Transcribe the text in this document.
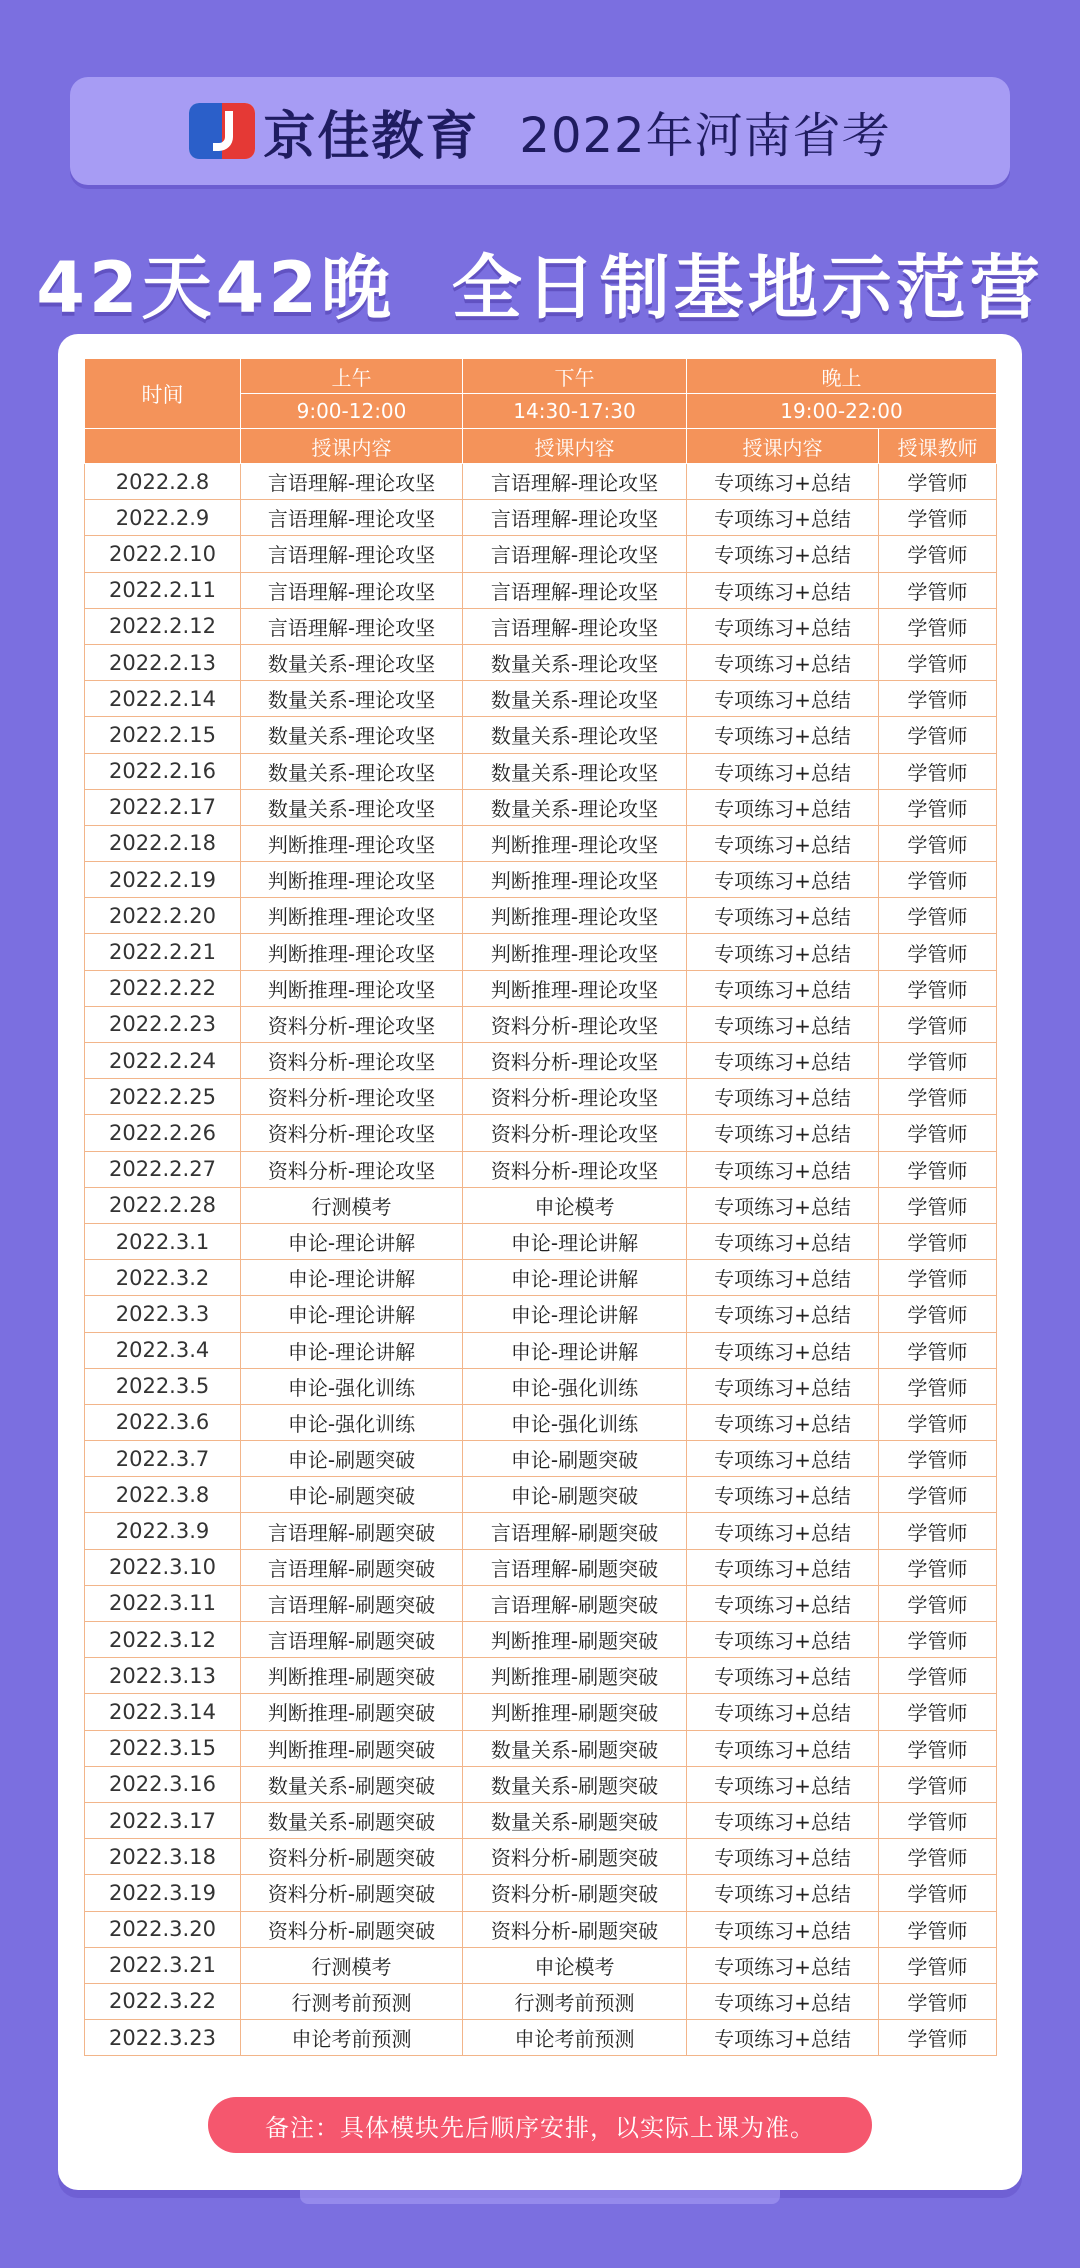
京佳教育 2022年河南省考
42天42晚  全日制基地示范营
时间	上午	下午	晚上	
	9:00-12:00	14:30-17:30	19:00-22:00	
	授课内容	授课内容	授课内容	授课教师
2022.2.8	言语理解-理论攻坚	言语理解-理论攻坚	专项练习+总结	学管师
2022.2.9	言语理解-理论攻坚	言语理解-理论攻坚	专项练习+总结	学管师
2022.2.10	言语理解-理论攻坚	言语理解-理论攻坚	专项练习+总结	学管师
2022.2.11	言语理解-理论攻坚	言语理解-理论攻坚	专项练习+总结	学管师
2022.2.12	言语理解-理论攻坚	言语理解-理论攻坚	专项练习+总结	学管师
2022.2.13	数量关系-理论攻坚	数量关系-理论攻坚	专项练习+总结	学管师
2022.2.14	数量关系-理论攻坚	数量关系-理论攻坚	专项练习+总结	学管师
2022.2.15	数量关系-理论攻坚	数量关系-理论攻坚	专项练习+总结	学管师
2022.2.16	数量关系-理论攻坚	数量关系-理论攻坚	专项练习+总结	学管师
2022.2.17	数量关系-理论攻坚	数量关系-理论攻坚	专项练习+总结	学管师
2022.2.18	判断推理-理论攻坚	判断推理-理论攻坚	专项练习+总结	学管师
2022.2.19	判断推理-理论攻坚	判断推理-理论攻坚	专项练习+总结	学管师
2022.2.20	判断推理-理论攻坚	判断推理-理论攻坚	专项练习+总结	学管师
2022.2.21	判断推理-理论攻坚	判断推理-理论攻坚	专项练习+总结	学管师
2022.2.22	判断推理-理论攻坚	判断推理-理论攻坚	专项练习+总结	学管师
2022.2.23	资料分析-理论攻坚	资料分析-理论攻坚	专项练习+总结	学管师
2022.2.24	资料分析-理论攻坚	资料分析-理论攻坚	专项练习+总结	学管师
2022.2.25	资料分析-理论攻坚	资料分析-理论攻坚	专项练习+总结	学管师
2022.2.26	资料分析-理论攻坚	资料分析-理论攻坚	专项练习+总结	学管师
2022.2.27	资料分析-理论攻坚	资料分析-理论攻坚	专项练习+总结	学管师
2022.2.28	行测模考	申论模考	专项练习+总结	学管师
2022.3.1	申论-理论讲解	申论-理论讲解	专项练习+总结	学管师
2022.3.2	申论-理论讲解	申论-理论讲解	专项练习+总结	学管师
2022.3.3	申论-理论讲解	申论-理论讲解	专项练习+总结	学管师
2022.3.4	申论-理论讲解	申论-理论讲解	专项练习+总结	学管师
2022.3.5	申论-强化训练	申论-强化训练	专项练习+总结	学管师
2022.3.6	申论-强化训练	申论-强化训练	专项练习+总结	学管师
2022.3.7	申论-刷题突破	申论-刷题突破	专项练习+总结	学管师
2022.3.8	申论-刷题突破	申论-刷题突破	专项练习+总结	学管师
2022.3.9	言语理解-刷题突破	言语理解-刷题突破	专项练习+总结	学管师
2022.3.10	言语理解-刷题突破	言语理解-刷题突破	专项练习+总结	学管师
2022.3.11	言语理解-刷题突破	言语理解-刷题突破	专项练习+总结	学管师
2022.3.12	言语理解-刷题突破	判断推理-刷题突破	专项练习+总结	学管师
2022.3.13	判断推理-刷题突破	判断推理-刷题突破	专项练习+总结	学管师
2022.3.14	判断推理-刷题突破	判断推理-刷题突破	专项练习+总结	学管师
2022.3.15	判断推理-刷题突破	数量关系-刷题突破	专项练习+总结	学管师
2022.3.16	数量关系-刷题突破	数量关系-刷题突破	专项练习+总结	学管师
2022.3.17	数量关系-刷题突破	数量关系-刷题突破	专项练习+总结	学管师
2022.3.18	资料分析-刷题突破	资料分析-刷题突破	专项练习+总结	学管师
2022.3.19	资料分析-刷题突破	资料分析-刷题突破	专项练习+总结	学管师
2022.3.20	资料分析-刷题突破	资料分析-刷题突破	专项练习+总结	学管师
2022.3.21	行测模考	申论模考	专项练习+总结	学管师
2022.3.22	行测考前预测	行测考前预测	专项练习+总结	学管师
2022.3.23	申论考前预测	申论考前预测	专项练习+总结	学管师
备注：具体模块先后顺序安排，以实际上课为准。
